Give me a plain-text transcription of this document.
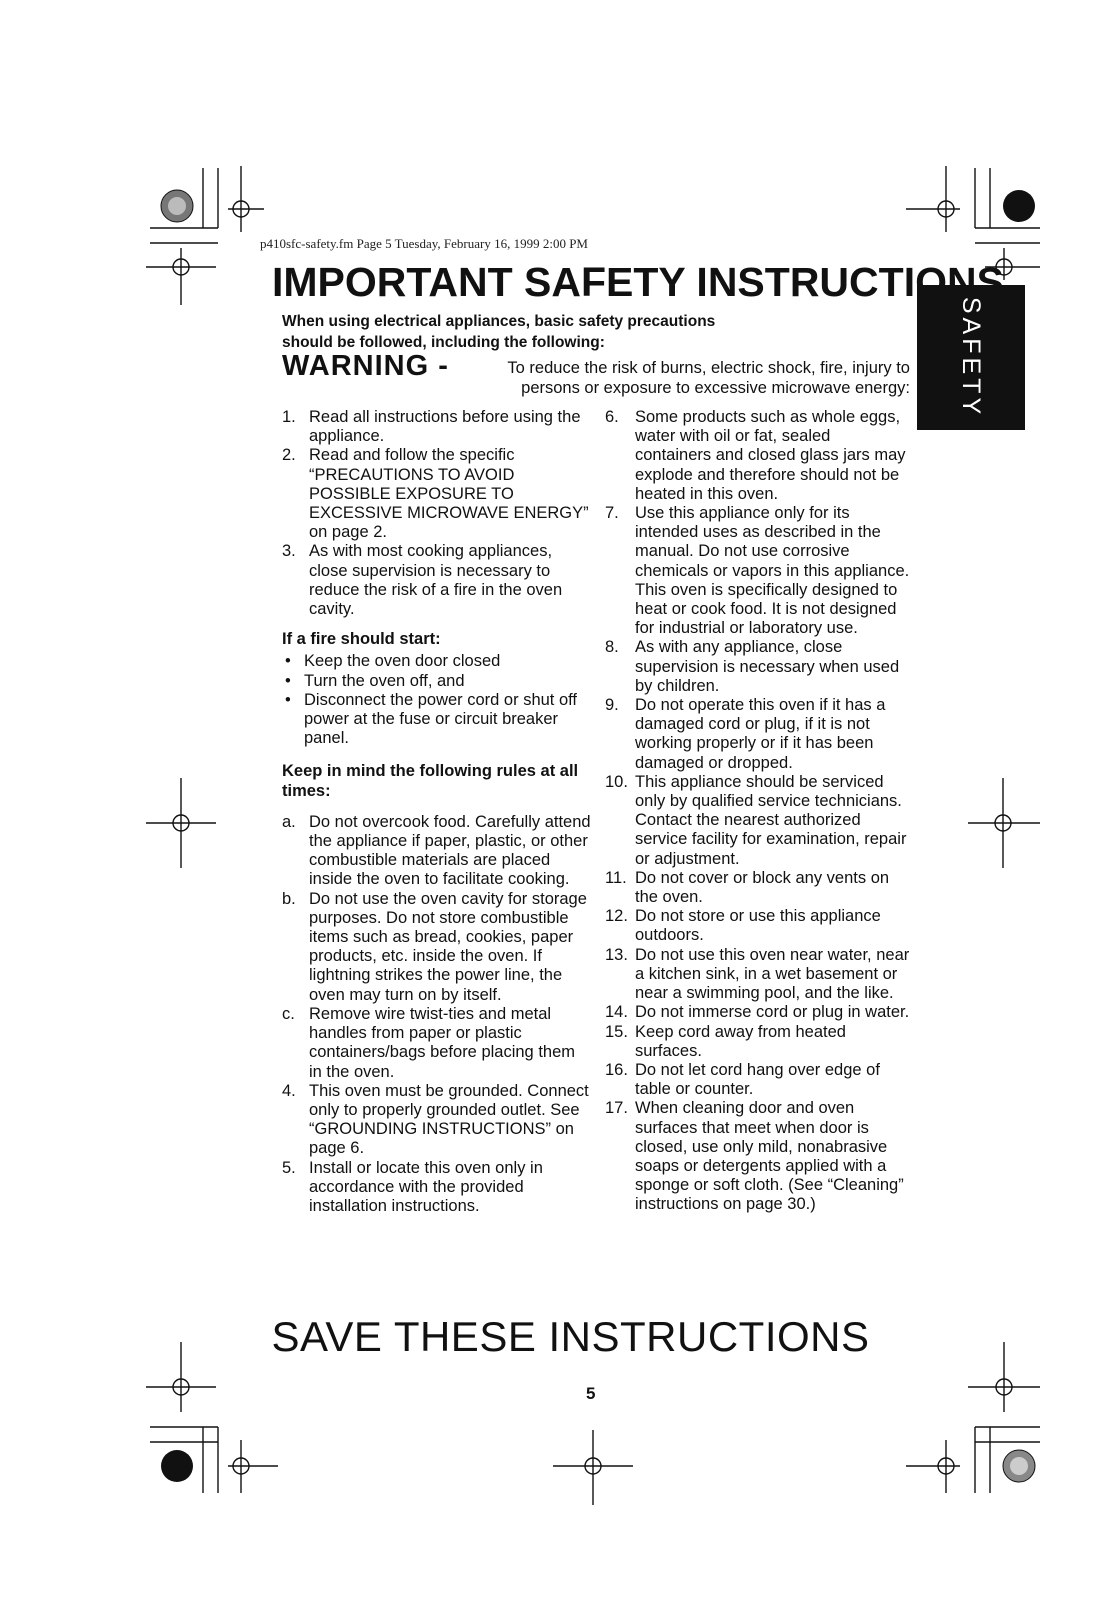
p410sfc-safety.fm Page 5 Tuesday, February 16, 1999 2:00 PM
SAFETY
IMPORTANT SAFETY INSTRUCTIONS
When using electrical appliances, basic safety precautions
should be followed, including the following:
WARNING -	To reduce the risk of burns, electric shock, fire, injury to
persons or exposure to excessive microwave energy:
1. Read all instructions before using the appliance.
2. Read and follow the specific “PRECAUTIONS TO AVOID POSSIBLE EXPOSURE TO EXCESSIVE MICROWAVE ENERGY” on page 2.
3. As with most cooking appliances, close supervision is necessary to reduce the risk of a fire in the oven cavity.
If a fire should start:
• Keep the oven door closed
• Turn the oven off, and
• Disconnect the power cord or shut off power at the fuse or circuit breaker panel.
Keep in mind the following rules at all times:
a. Do not overcook food. Carefully attend the appliance if paper, plastic, or other combustible materials are placed inside the oven to facilitate cooking.
b. Do not use the oven cavity for storage purposes. Do not store combustible items such as bread, cookies, paper products, etc. inside the oven. If lightning strikes the power line, the oven may turn on by itself.
c. Remove wire twist-ties and metal handles from paper or plastic containers/bags before placing them in the oven.
4. This oven must be grounded. Connect only to properly grounded outlet. See “GROUNDING INSTRUCTIONS” on page 6.
5. Install or locate this oven only in accordance with the provided installation instructions.
6. Some products such as whole eggs, water with oil or fat, sealed containers and closed glass jars may explode and therefore should not be heated in this oven.
7. Use this appliance only for its intended uses as described in the manual. Do not use corrosive chemicals or vapors in this appliance. This oven is specifically designed to heat or cook food. It is not designed for industrial or laboratory use.
8. As with any appliance, close supervision is necessary when used by children.
9. Do not operate this oven if it has a damaged cord or plug, if it is not working properly or if it has been damaged or dropped.
10. This appliance should be serviced only by qualified service technicians. Contact the nearest authorized service facility for examination, repair or adjustment.
11. Do not cover or block any vents on the oven.
12. Do not store or use this appliance outdoors.
13. Do not use this oven near water, near a kitchen sink, in a wet basement or near a swimming pool, and the like.
14. Do not immerse cord or plug in water.
15. Keep cord away from heated surfaces.
16. Do not let cord hang over edge of table or counter.
17. When cleaning door and oven surfaces that meet when door is closed, use only mild, nonabrasive soaps or detergents applied with a sponge or soft cloth. (See “Cleaning” instructions on page 30.)
SAVE THESE INSTRUCTIONS
5
